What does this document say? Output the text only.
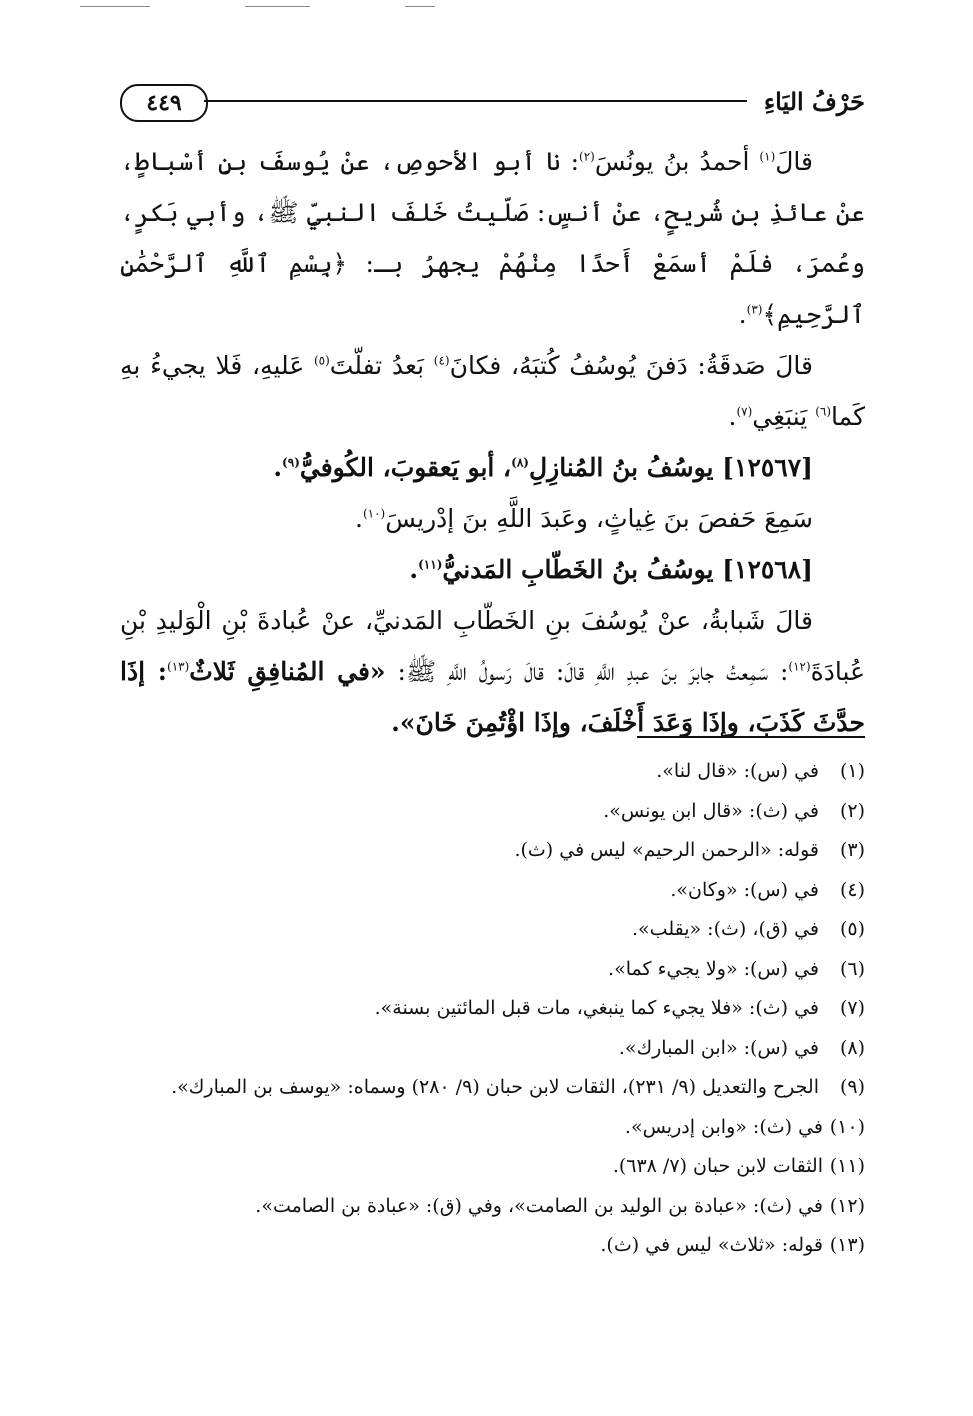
٤٤٩	حَرْفُ اليَاءِ

قالَ$^{(١)}$ أحمدُ بنُ يونُسَ$^{(٢)}$: نا أبو الأحوصِ، عنْ يُوسفَ بنِ أسْباطٍ، عنْ عائذِ بنِ شُريحٍ، عنْ أنسٍ: صَلّيتُ خَلفَ النبيِّ ﷺ، وأبي بَكرٍ، وعُمرَ، فلَمْ أسمَعْ أَحدًا مِنْهُمْ يجهرُ بـ: ﴿بِسْمِ ٱللَّهِ ٱلرَّحْمَٰنِ ٱلرَّحِيمِ﴾$^{(٣)}$.

قالَ صَدقَةُ: دَفنَ يُوسُفُ كُتبَهُ، فكانَ$^{(٤)}$ بَعدُ تفلّتَ$^{(٥)}$ عَليهِ، فَلا يجيءُ بهِ كَما$^{(٦)}$ يَنبَغِي$^{(٧)}$.

[١٢٥٦٧] يوسُفُ بنُ المُنازِلِ$^{(٨)}$، أبو يَعقوبَ، الكُوفيُّ$^{(٩)}$.

سَمِعَ حَفصَ بنَ غِياثٍ، وعَبدَ اللَّهِ بنَ إدْريسَ$^{(١٠)}$.

[١٢٥٦٨] يوسُفُ بنُ الخَطّابِ المَدنيُّ$^{(١١)}$.

قالَ شَبابةُ، عنْ يُوسُفَ بنِ الخَطّابِ المَدنيِّ، عنْ عُبادةَ بْنِ الْوَليدِ بْنِ عُبادَةَ$^{(١٢)}$: سَمِعتُ جابرَ بنَ عبدِ اللَّهِ قالَ: قالَ رَسولُ اللَّهِ ﷺ: «في المُنافِقِ ثَلاثٌ$^{(١٣)}$: إذَا حدَّثَ كَذَبَ، وإذَا وَعَدَ أَخْلَفَ، وإذَا اؤْتُمِنَ خَانَ».

(١)
في (س): «قال لنا».
(٢)
في (ث): «قال ابن يونس».
(٣)
قوله: «الرحمن الرحيم» ليس في (ث).
(٤)
في (س): «وكان».
(٥)
في (ق)، (ث): «يقلب».
(٦)
في (س): «ولا يجيء كما».
(٧)
في (ث): «فلا يجيء كما ينبغي، مات قبل المائتين بسنة».
(٨)
في (س): «ابن المبارك».
(٩)
الجرح والتعديل (٩/ ٢٣١)، الثقات لابن حبان (٩/ ٢٨٠) وسماه: «يوسف بن المبارك».
(١٠)
في (ث): «وابن إدريس».
(١١)
الثقات لابن حبان (٧/ ٦٣٨).
(١٢)
في (ث): «عبادة بن الوليد بن الصامت»، وفي (ق): «عبادة بن الصامت».
(١٣)
قوله: «ثلاث» ليس في (ث).
